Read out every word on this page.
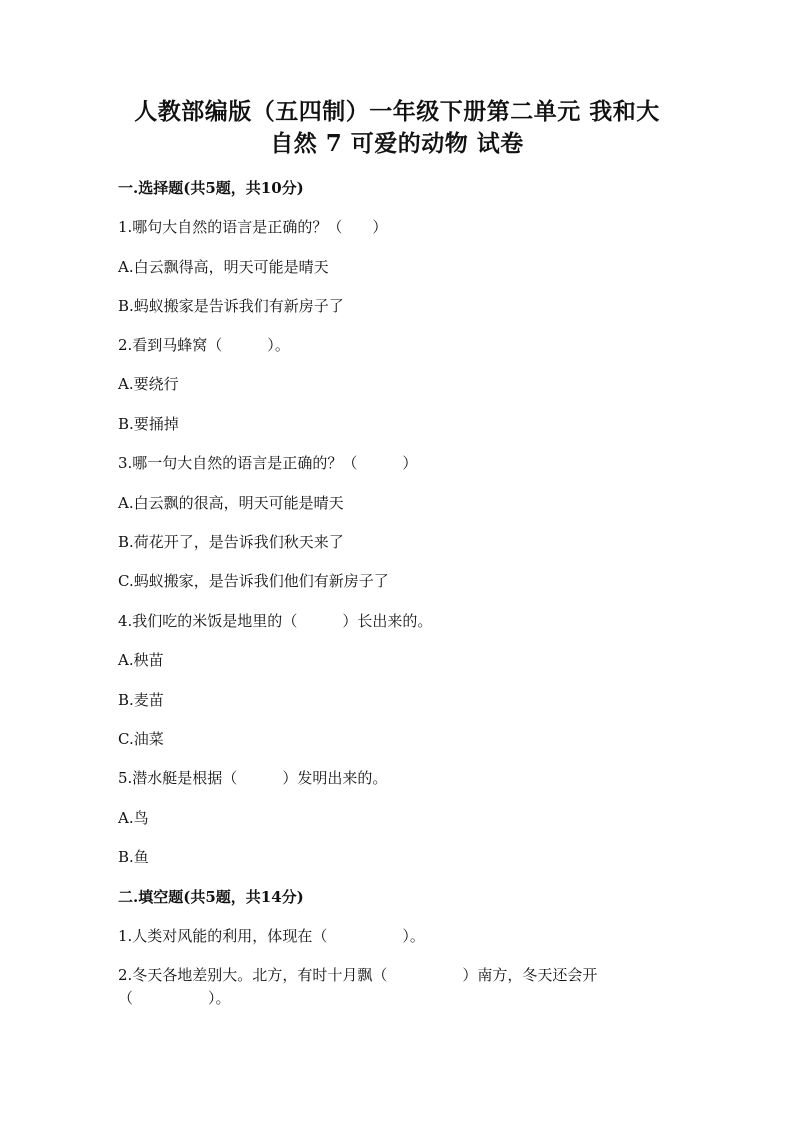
人教部编版（五四制）一年级下册第二单元 我和大
自然 7 可爱的动物 试卷
一.选择题(共5题，共10分)
1.哪句大自然的语言是正确的？（　　）
A.白云飘得高，明天可能是晴天
B.蚂蚁搬家是告诉我们有新房子了
2.看到马蜂窝（　　　）。
A.要绕行
B.要捅掉
3.哪一句大自然的语言是正确的？（　　　）
A.白云飘的很高，明天可能是晴天
B.荷花开了，是告诉我们秋天来了
C.蚂蚁搬家，是告诉我们他们有新房子了
4.我们吃的米饭是地里的（　　　）长出来的。
A.秧苗
B.麦苗
C.油菜
5.潜水艇是根据（　　　）发明出来的。
A.鸟
B.鱼
二.填空题(共5题，共14分)
1.人类对风能的利用，体现在（　　　　　）。
2.冬天各地差别大。北方，有时十月飘（　　　　　）南方，冬天还会开
（　　　　　）。
